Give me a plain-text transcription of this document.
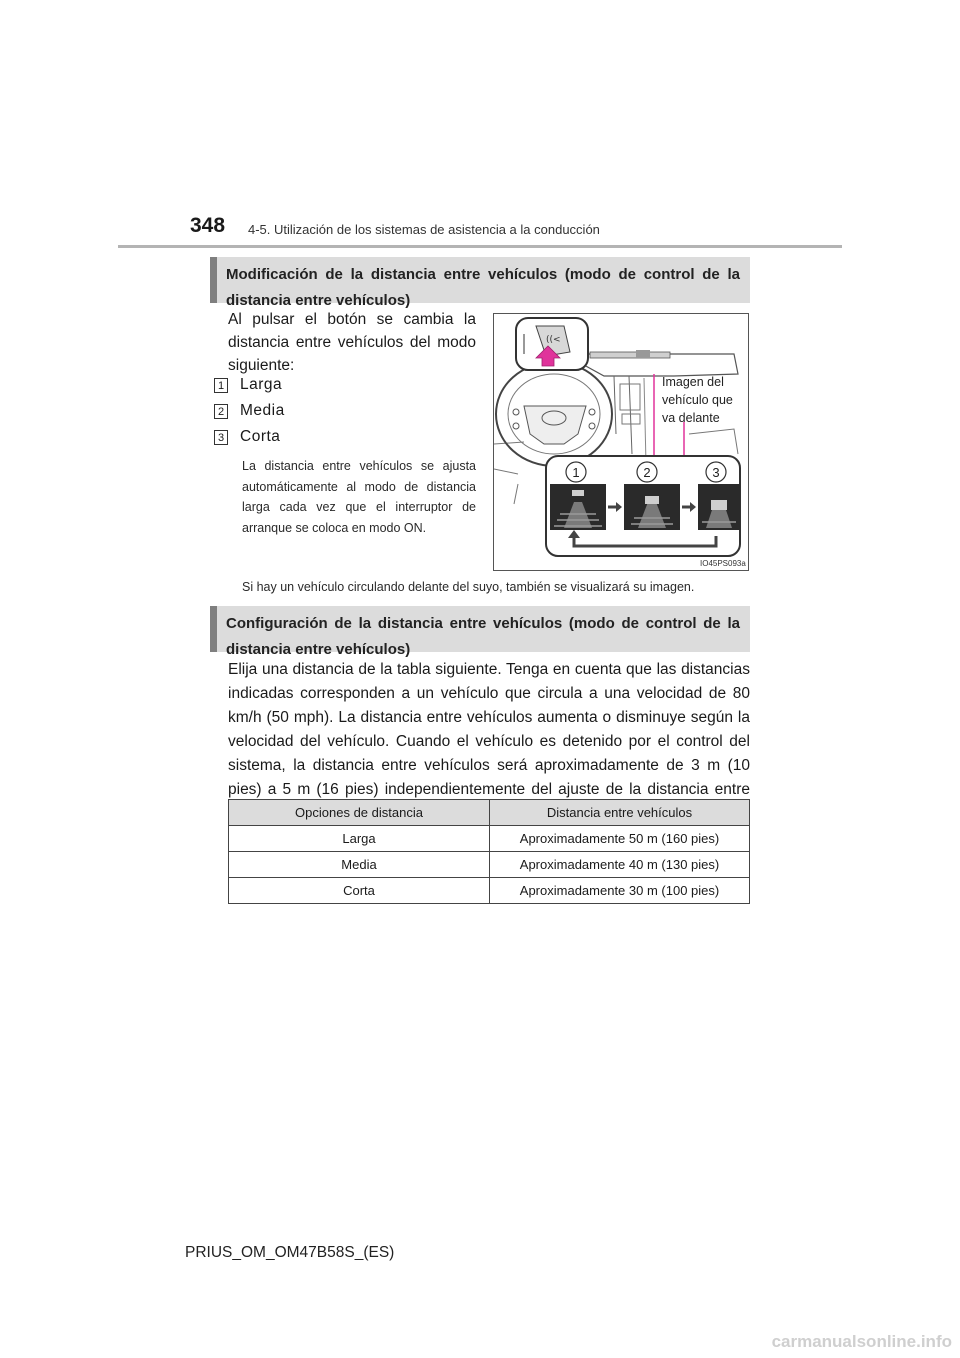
348 4-5. Utilización de los sistemas de asistencia a la conducción
Modificación de la distancia entre vehículos (modo de control de la distancia entre vehículos)
Al pulsar el botón se cambia la distancia entre vehículos del modo siguiente:
1 Larga
2 Media
3 Corta
La distancia entre vehículos se ajusta automáticamente al modo de distancia larga cada vez que el interruptor de arranque se coloca en modo ON.
((<
Imagen del
vehículo que
va delante
1	2	3
IO45PS093a
Si hay un vehículo circulando delante del suyo, también se visualizará su imagen.
Configuración de la distancia entre vehículos (modo de control de la distancia entre vehículos)
Elija una distancia de la tabla siguiente. Tenga en cuenta que las distancias indicadas corresponden a un vehículo que circula a una velocidad de 80 km/h (50 mph). La distancia entre vehículos aumenta o disminuye según la velocidad del vehículo. Cuando el vehículo es detenido por el control del sistema, la distancia entre vehículos será aproximadamente de 3 m (10 pies) a 5 m (16 pies) independientemente del ajuste de la distancia entre
Opciones de distancia	Distancia entre vehículos
Larga	Aproximadamente 50 m (160 pies)
Media	Aproximadamente 40 m (130 pies)
Corta	Aproximadamente 30 m (100 pies)
PRIUS_OM_OM47B58S_(ES)
carmanualsonline.info
